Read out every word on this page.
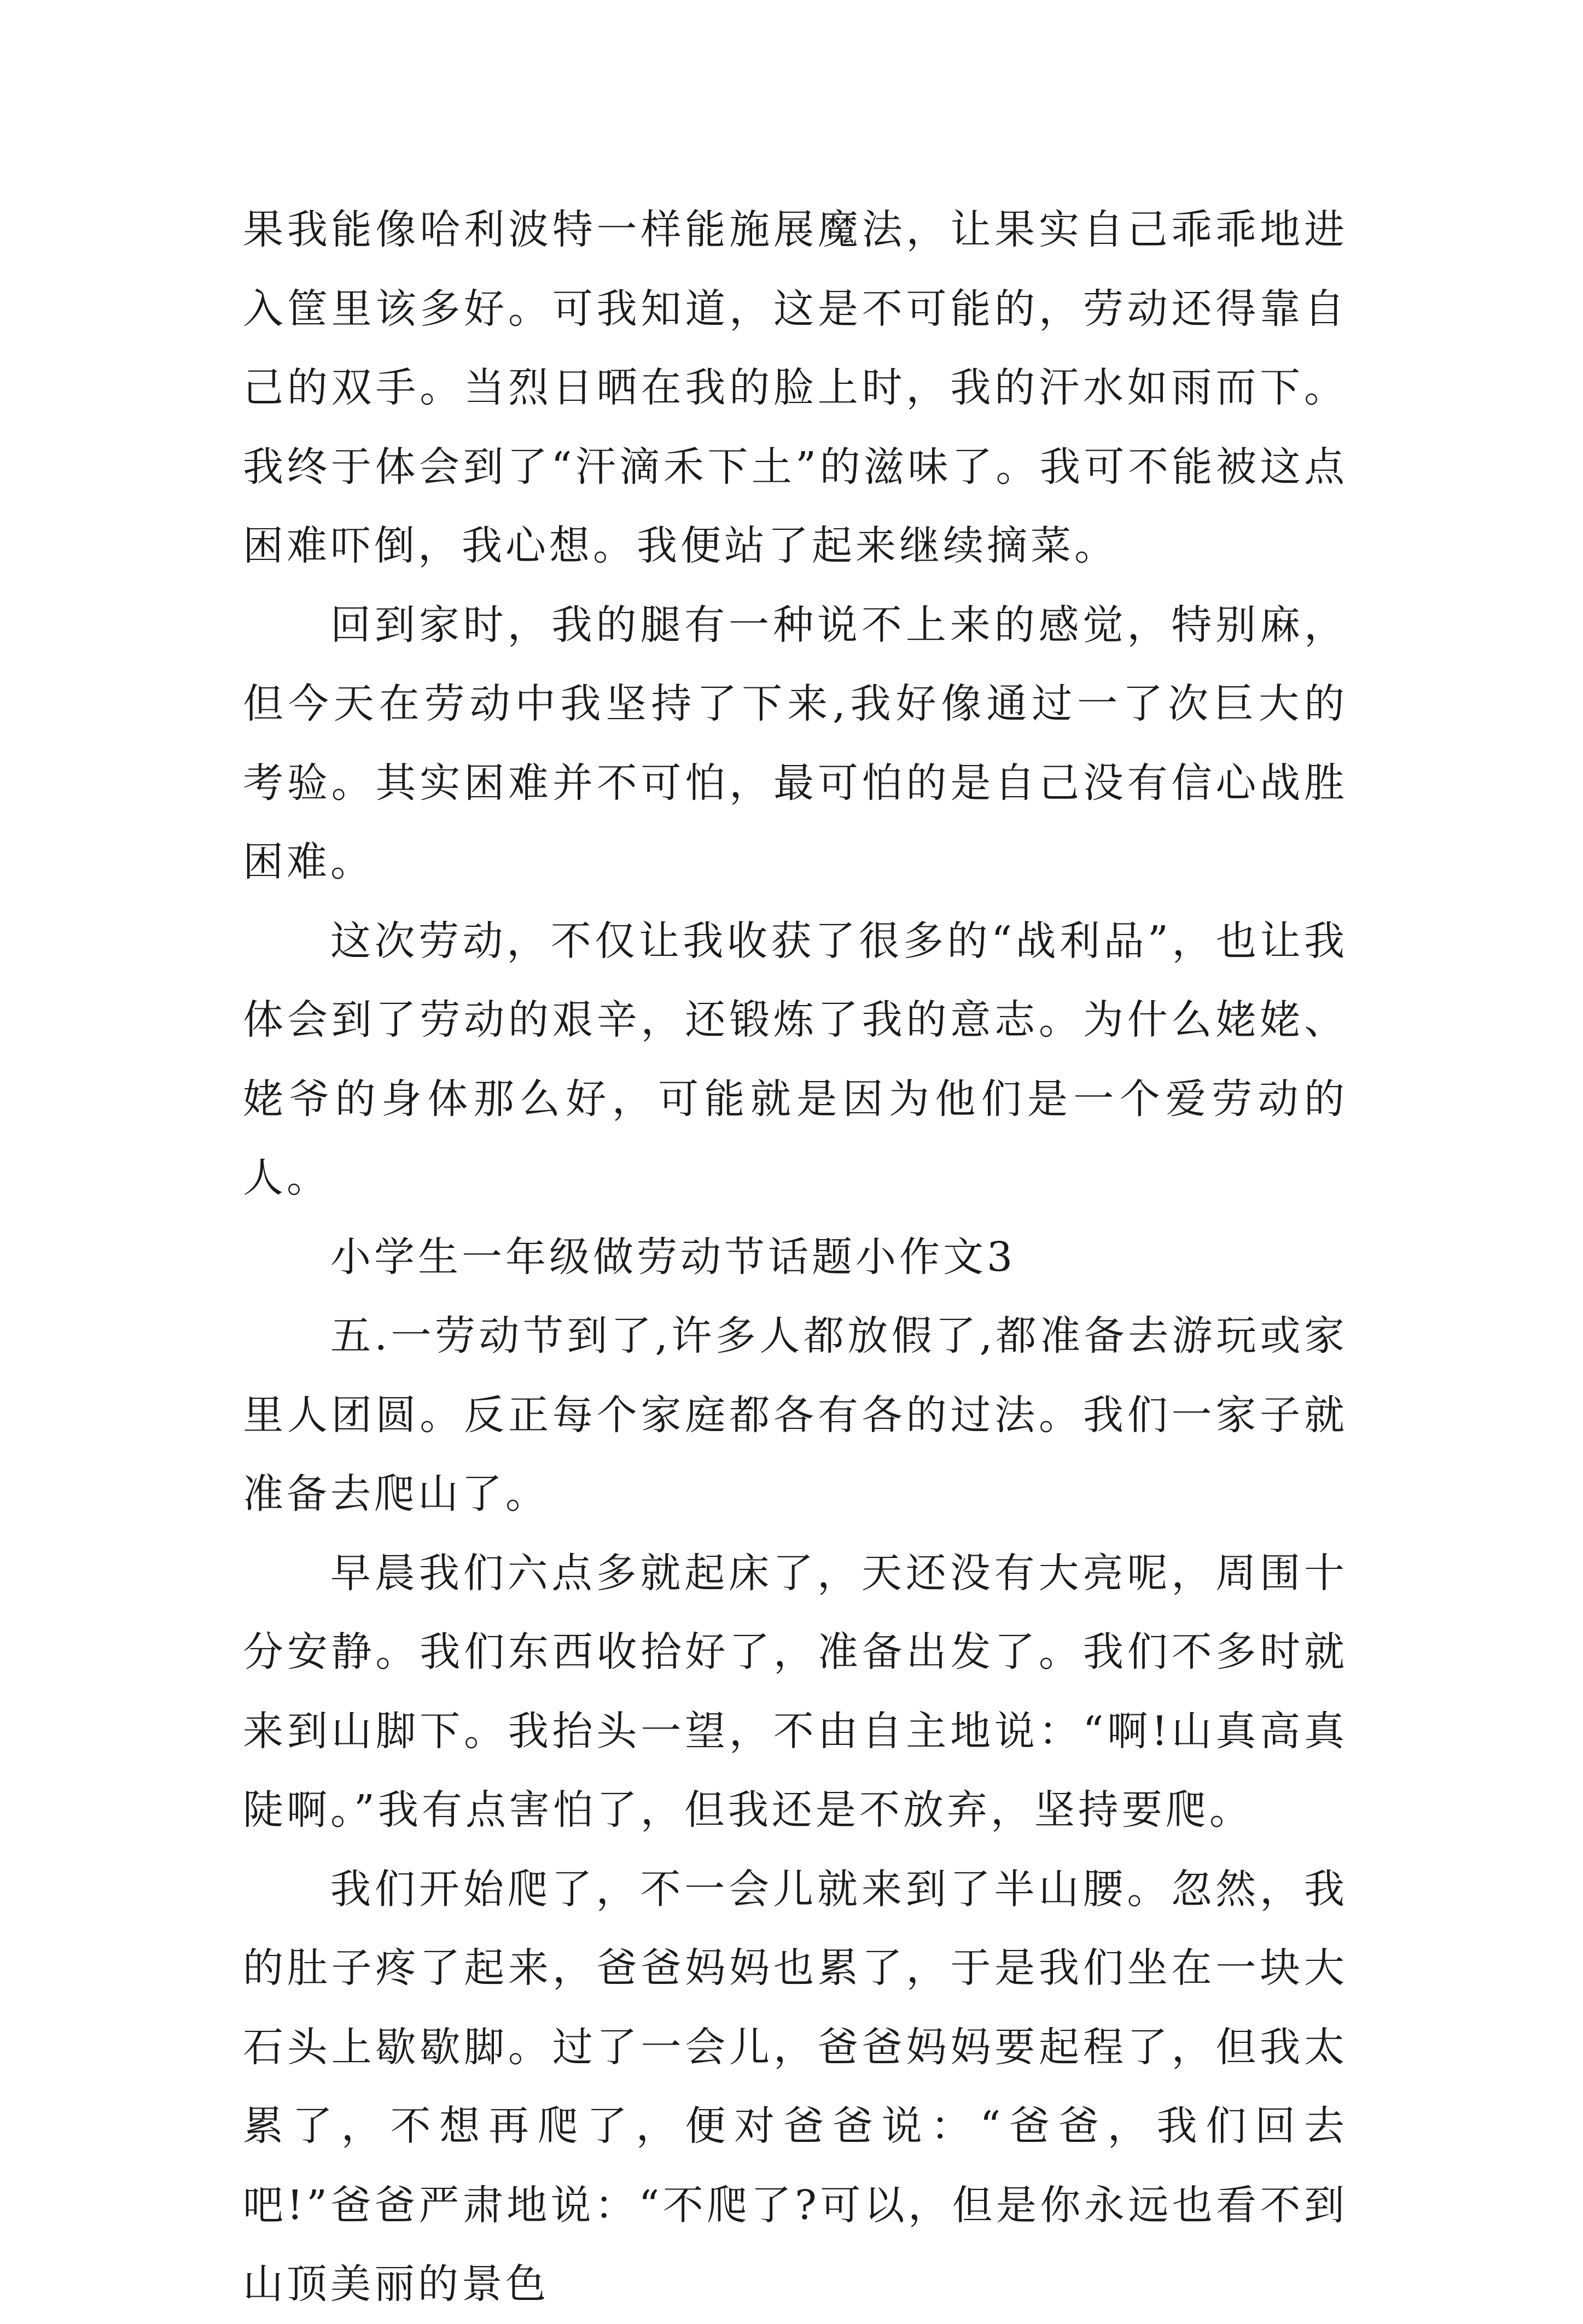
果我能像哈利波特一样能施展魔法，让果实自己乖乖地进入筐里该多好。可我知道，这是不可能的，劳动还得靠自己的双手。当烈日晒在我的脸上时，我的汗水如雨而下。我终于体会到了“汗滴禾下土”的滋味了。我可不能被这点困难吓倒，我心想。我便站了起来继续摘菜。

回到家时，我的腿有一种说不上来的感觉，特别麻，但今天在劳动中我坚持了下来,我好像通过一了次巨大的考验。其实困难并不可怕，最可怕的是自己没有信心战胜困难。

这次劳动，不仅让我收获了很多的“战利品”，也让我体会到了劳动的艰辛，还锻炼了我的意志。为什么姥姥、姥爷的身体那么好，可能就是因为他们是一个爱劳动的人。

小学生一年级做劳动节话题小作文3

五.一劳动节到了,许多人都放假了,都准备去游玩或家里人团圆。反正每个家庭都各有各的过法。我们一家子就准备去爬山了。

早晨我们六点多就起床了，天还没有大亮呢，周围十分安静。我们东西收拾好了，准备出发了。我们不多时就来到山脚下。我抬头一望，不由自主地说：“啊!山真高真陡啊。”我有点害怕了，但我还是不放弃，坚持要爬。

我们开始爬了，不一会儿就来到了半山腰。忽然，我的肚子疼了起来，爸爸妈妈也累了，于是我们坐在一块大石头上歇歇脚。过了一会儿，爸爸妈妈要起程了，但我太累了，不想再爬了，便对爸爸说：“爸爸，我们回去吧!”爸爸严肃地说：“不爬了?可以，但是你永远也看不到山顶美丽的景色
